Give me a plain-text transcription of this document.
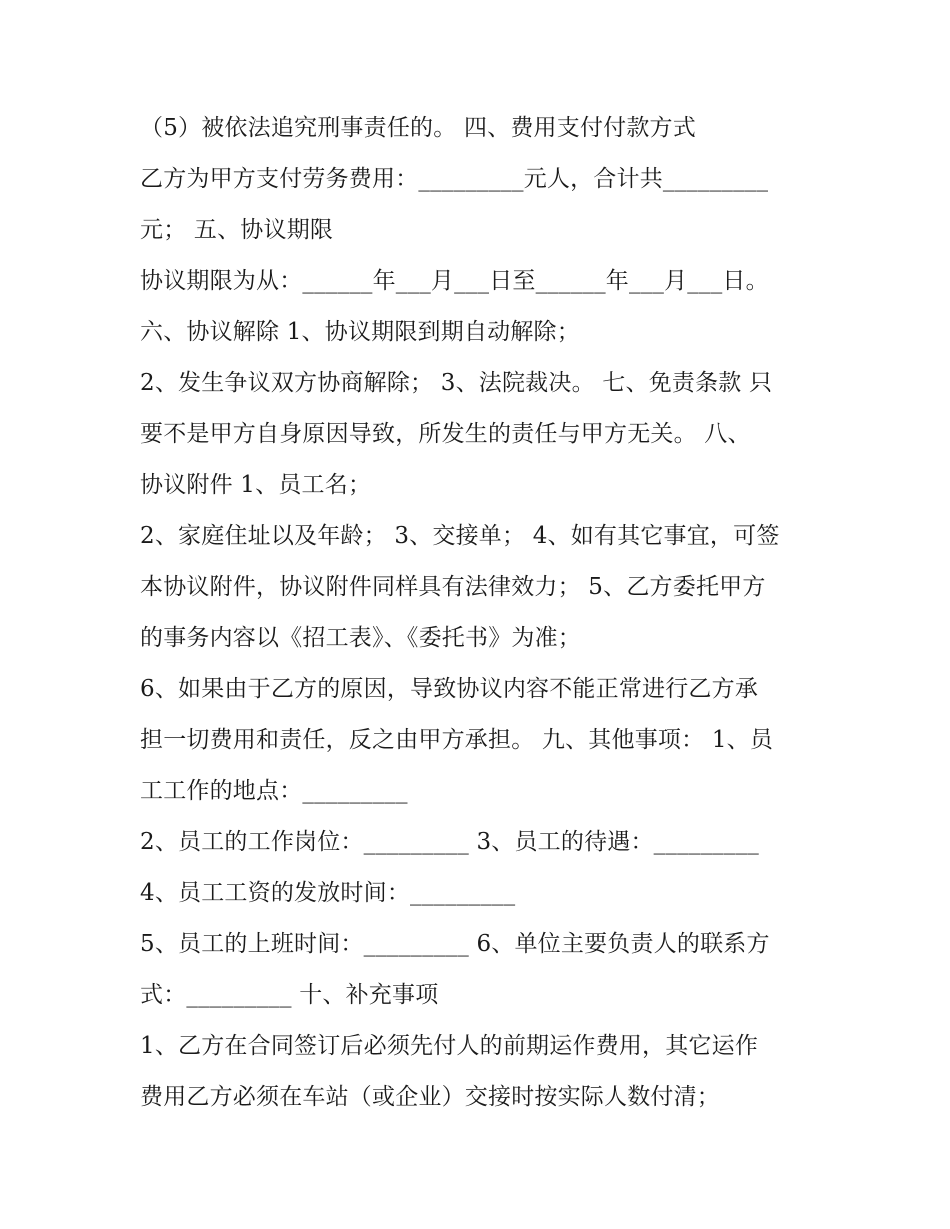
（5）被依法追究刑事责任的。 四、费用支付付款方式

乙方为甲方支付劳务费用：_________元人，合计共_________

元； 五、协议期限

协议期限为从：______年___月___日至______年___月___日。

六、协议解除 1、协议期限到期自动解除；

2、发生争议双方协商解除； 3、法院裁决。 七、免责条款 只

要不是甲方自身原因导致，所发生的责任与甲方无关。 八、

协议附件 1、员工名；

2、家庭住址以及年龄； 3、交接单； 4、如有其它事宜，可签

本协议附件，协议附件同样具有法律效力； 5、乙方委托甲方

的事务内容以《招工表》、《委托书》为准；

6、如果由于乙方的原因，导致协议内容不能正常进行乙方承

担一切费用和责任，反之由甲方承担。 九、其他事项： 1、员

工工作的地点：_________

2、员工的工作岗位：_________ 3、员工的待遇：_________

4、员工工资的发放时间：_________

5、员工的上班时间：_________ 6、单位主要负责人的联系方

式：_________ 十、补充事项

1、乙方在合同签订后必须先付人的前期运作费用，其它运作

费用乙方必须在车站（或企业）交接时按实际人数付清；
